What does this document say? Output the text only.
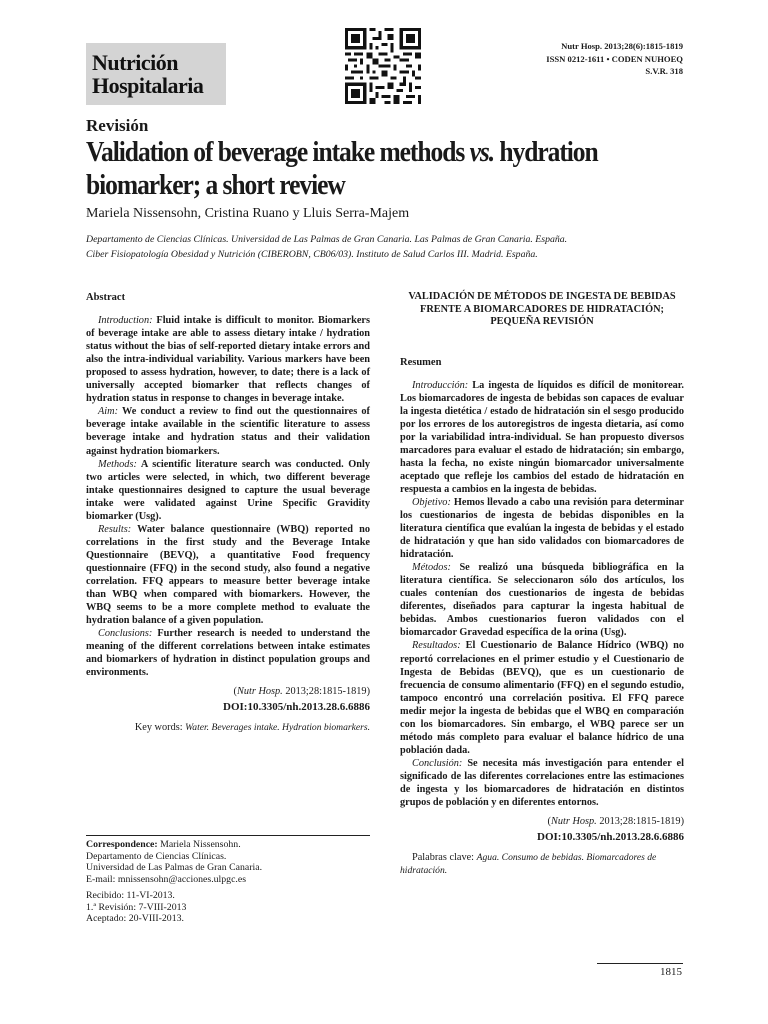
Nutrición
Hospitalaria
Nutr Hosp. 2013;28(6):1815-1819
ISSN 0212-1611 • CODEN NUHOEQ
S.V.R. 318
Revisión
Validation of beverage intake methods vs. hydration biomarker; a short review
Mariela Nissensohn, Cristina Ruano y Lluis Serra-Majem
Departamento de Ciencias Clínicas. Universidad de Las Palmas de Gran Canaria. Las Palmas de Gran Canaria. España.
Ciber Fisiopatología Obesidad y Nutrición (CIBEROBN, CB06/03). Instituto de Salud Carlos III. Madrid. España.
Abstract

Introduction: Fluid intake is difficult to monitor. Biomarkers of beverage intake are able to assess dietary intake / hydration status without the bias of self-reported dietary intake errors and also the intra-individual variability. Various markers have been proposed to assess hydration, however, to date; there is a lack of universally accepted biomarker that reflects changes of hydration status in response to changes in beverage intake.

Aim: We conduct a review to find out the questionnaires of beverage intake available in the scientific literature to assess beverage intake and hydration status and their validation against hydration biomarkers.

Methods: A scientific literature search was conducted. Only two articles were selected, in which, two different beverage intake questionnaires designed to capture the usual beverage intake were validated against Urine Specific Gravidity biomarker (Usg).

Results: Water balance questionnaire (WBQ) reported no correlations in the first study and the Beverage Intake Questionnaire (BEVQ), a quantitative Food frequency questionnaire (FFQ) in the second study, also found a negative correlation. FFQ appears to measure better beverage intake than WBQ when compared with biomarkers. However, the WBQ seems to be a more complete method to evaluate the hydration balance of a given population.

Conclusions: Further research is needed to understand the meaning of the different correlations between intake estimates and biomarkers of hydration in distinct population groups and environments.

(Nutr Hosp. 2013;28:1815-1819)
DOI:10.3305/nh.2013.28.6.6886
Key words: Water. Beverages intake. Hydration biomarkers.
VALIDACIÓN DE MÉTODOS DE INGESTA DE BEBIDAS FRENTE A BIOMARCADORES DE HIDRATACIÓN; PEQUEÑA REVISIÓN
Resumen

Introducción: La ingesta de líquidos es difícil de monitorear. Los biomarcadores de ingesta de bebidas son capaces de evaluar la ingesta dietética / estado de hidratación sin el sesgo producido por los errores de los autoregistros de ingesta dietaria, así como por la variabilidad intra-individual. Se han propuesto diversos marcadores para evaluar el estado de hidratación; sin embargo, hasta la fecha, no existe ningún biomarcador universalmente aceptado que refleje los cambios del estado de hidratación en respuesta a cambios en la ingesta de bebidas.

Objetivo: Hemos llevado a cabo una revisión para determinar los cuestionarios de ingesta de bebidas disponibles en la literatura científica que evalúan la ingesta de bebidas y el estado de hidratación y que han sido validados con biomarcadores de hidratación.

Métodos: Se realizó una búsqueda bibliográfica en la literatura científica. Se seleccionaron sólo dos artículos, los cuales contenían dos cuestionarios de ingesta de bebidas diferentes, diseñados para capturar la ingesta habitual de bebidas. Ambos cuestionarios fueron validados con el biomarcador Gravedad específica de la orina (Usg).

Resultados: El Cuestionario de Balance Hídrico (WBQ) no reportó correlaciones en el primer estudio y el Cuestionario de Ingesta de Bebidas (BEVQ), que es un cuestionario de frecuencia de consumo alimentario (FFQ) en el segundo estudio, tampoco encontró una correlación positiva. El FFQ parece medir mejor la ingesta de bebidas que el WBQ en comparación con los biomarcadores. Sin embargo, el WBQ parece ser un método más completo para evaluar el balance hídrico de una población dada.

Conclusión: Se necesita más investigación para entender el significado de las diferentes correlaciones entre las estimaciones de ingesta y los biomarcadores de hidratación en distintos grupos de población y en diferentes entornos.

(Nutr Hosp. 2013;28:1815-1819)
DOI:10.3305/nh.2013.28.6.6886
Palabras clave: Agua. Consumo de bebidas. Biomarcadores de hidratación.
Correspondence: Mariela Nissensohn.
Departamento de Ciencias Clínicas.
Universidad de Las Palmas de Gran Canaria.
E-mail: mnissensohn@acciones.ulpgc.es
Recibido: 11-VI-2013.
1.ª Revisión: 7-VIII-2013
Aceptado: 20-VIII-2013.
1815
